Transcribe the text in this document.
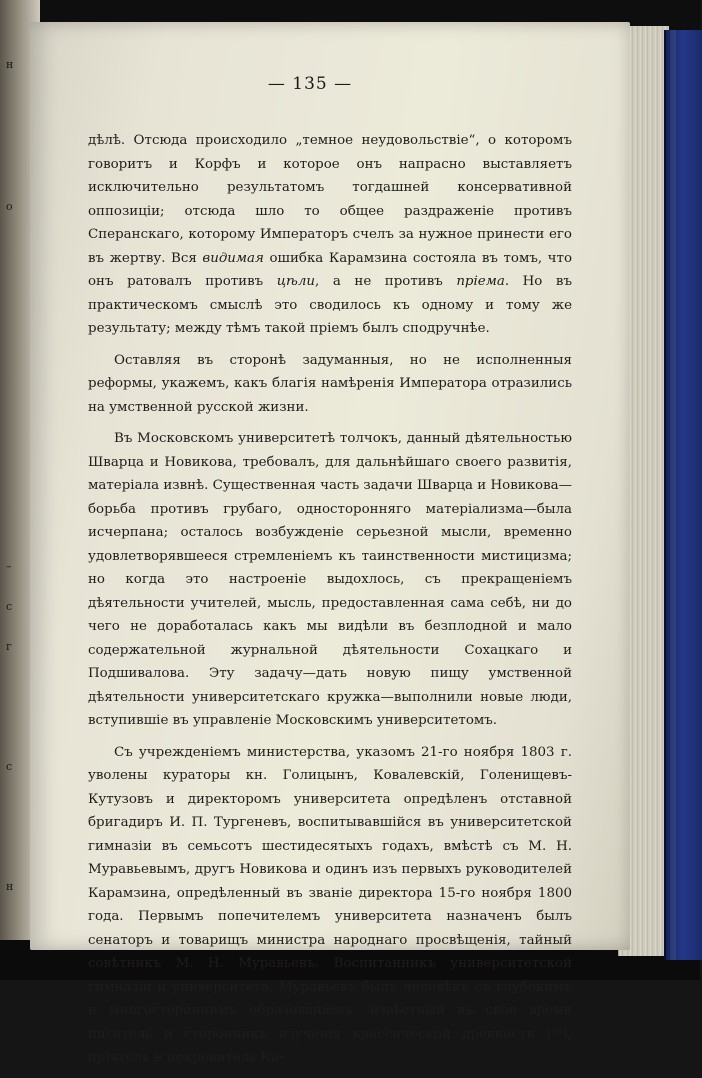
н
о
–
с
г
с
н
— 135 —

дѣлѣ. Отсюда происходило „темное неудовольствіе“, о которомъ говоритъ и Корфъ и которое онъ напрасно выставляетъ исключительно результатомъ тогдашней консервативной оппозиціи; отсюда шло то общее раздраженіе противъ Сперанскаго, которому Императоръ счелъ за нужное принести его въ жертву. Вся видимая ошибка Карамзина состояла въ томъ, что онъ ратовалъ противъ цѣли, а не противъ пріема. Но въ практическомъ смыслѣ это сводилось къ одному и тому же результату; между тѣмъ такой пріемъ былъ сподручнѣе.

Оставляя въ сторонѣ задуманныя, но не исполненныя реформы, укажемъ, какъ благія намѣренія Императора отразились на умственной русской жизни.

Въ Московскомъ университетѣ толчокъ, данный дѣятельностью Шварца и Новикова, требовалъ, для дальнѣйшаго своего развитія, матеріала извнѣ. Существенная часть задачи Шварца и Новикова—борьба противъ грубаго, односторонняго матеріализма—была исчерпана; осталось возбужденіе серьезной мысли, временно удовлетворявшееся стремленіемъ къ таинственности мистицизма; но когда это настроеніе выдохлось, съ прекращеніемъ дѣятельности учителей, мысль, предоставленная сама себѣ, ни до чего не доработалась какъ мы видѣли въ безплодной и мало содержательной журнальной дѣятельности Сохацкаго и Подшивалова. Эту задачу—дать новую пищу умственной дѣятельности университетскаго кружка—выполнили новые люди, вступившіе въ управленіе Московскимъ университетомъ.

Съ учрежденіемъ министерства, указомъ 21-го ноября 1803 г. уволены кураторы кн. Голицынъ, Ковалевскій, Голенищевъ-Кутузовъ и директоромъ университета опредѣленъ отставной бригадиръ И. П. Тургеневъ, воспитывавшійся въ университетской гимназіи въ семьсотъ шестидесятыхъ годахъ, вмѣстѣ съ М. Н. Муравьевымъ, другъ Новикова и одинъ изъ первыхъ руководителей Карамзина, опредѣленный въ званіе директора 15-го ноября 1800 года. Первымъ попечителемъ университета назначенъ былъ сенаторъ и товарищъ министра народнаго просвѣщенія, тайный совѣтникъ М. Н. Муравьевъ. Воспитанникъ университетской гимназіи и университета, Муравьевъ былъ человѣкъ съ глубокимъ и многостороннимъ образованіемъ, извѣстный въ свое время писатель и сторонникъ изученія классической древности (⁵³), пріятель и покровитель Ка-
